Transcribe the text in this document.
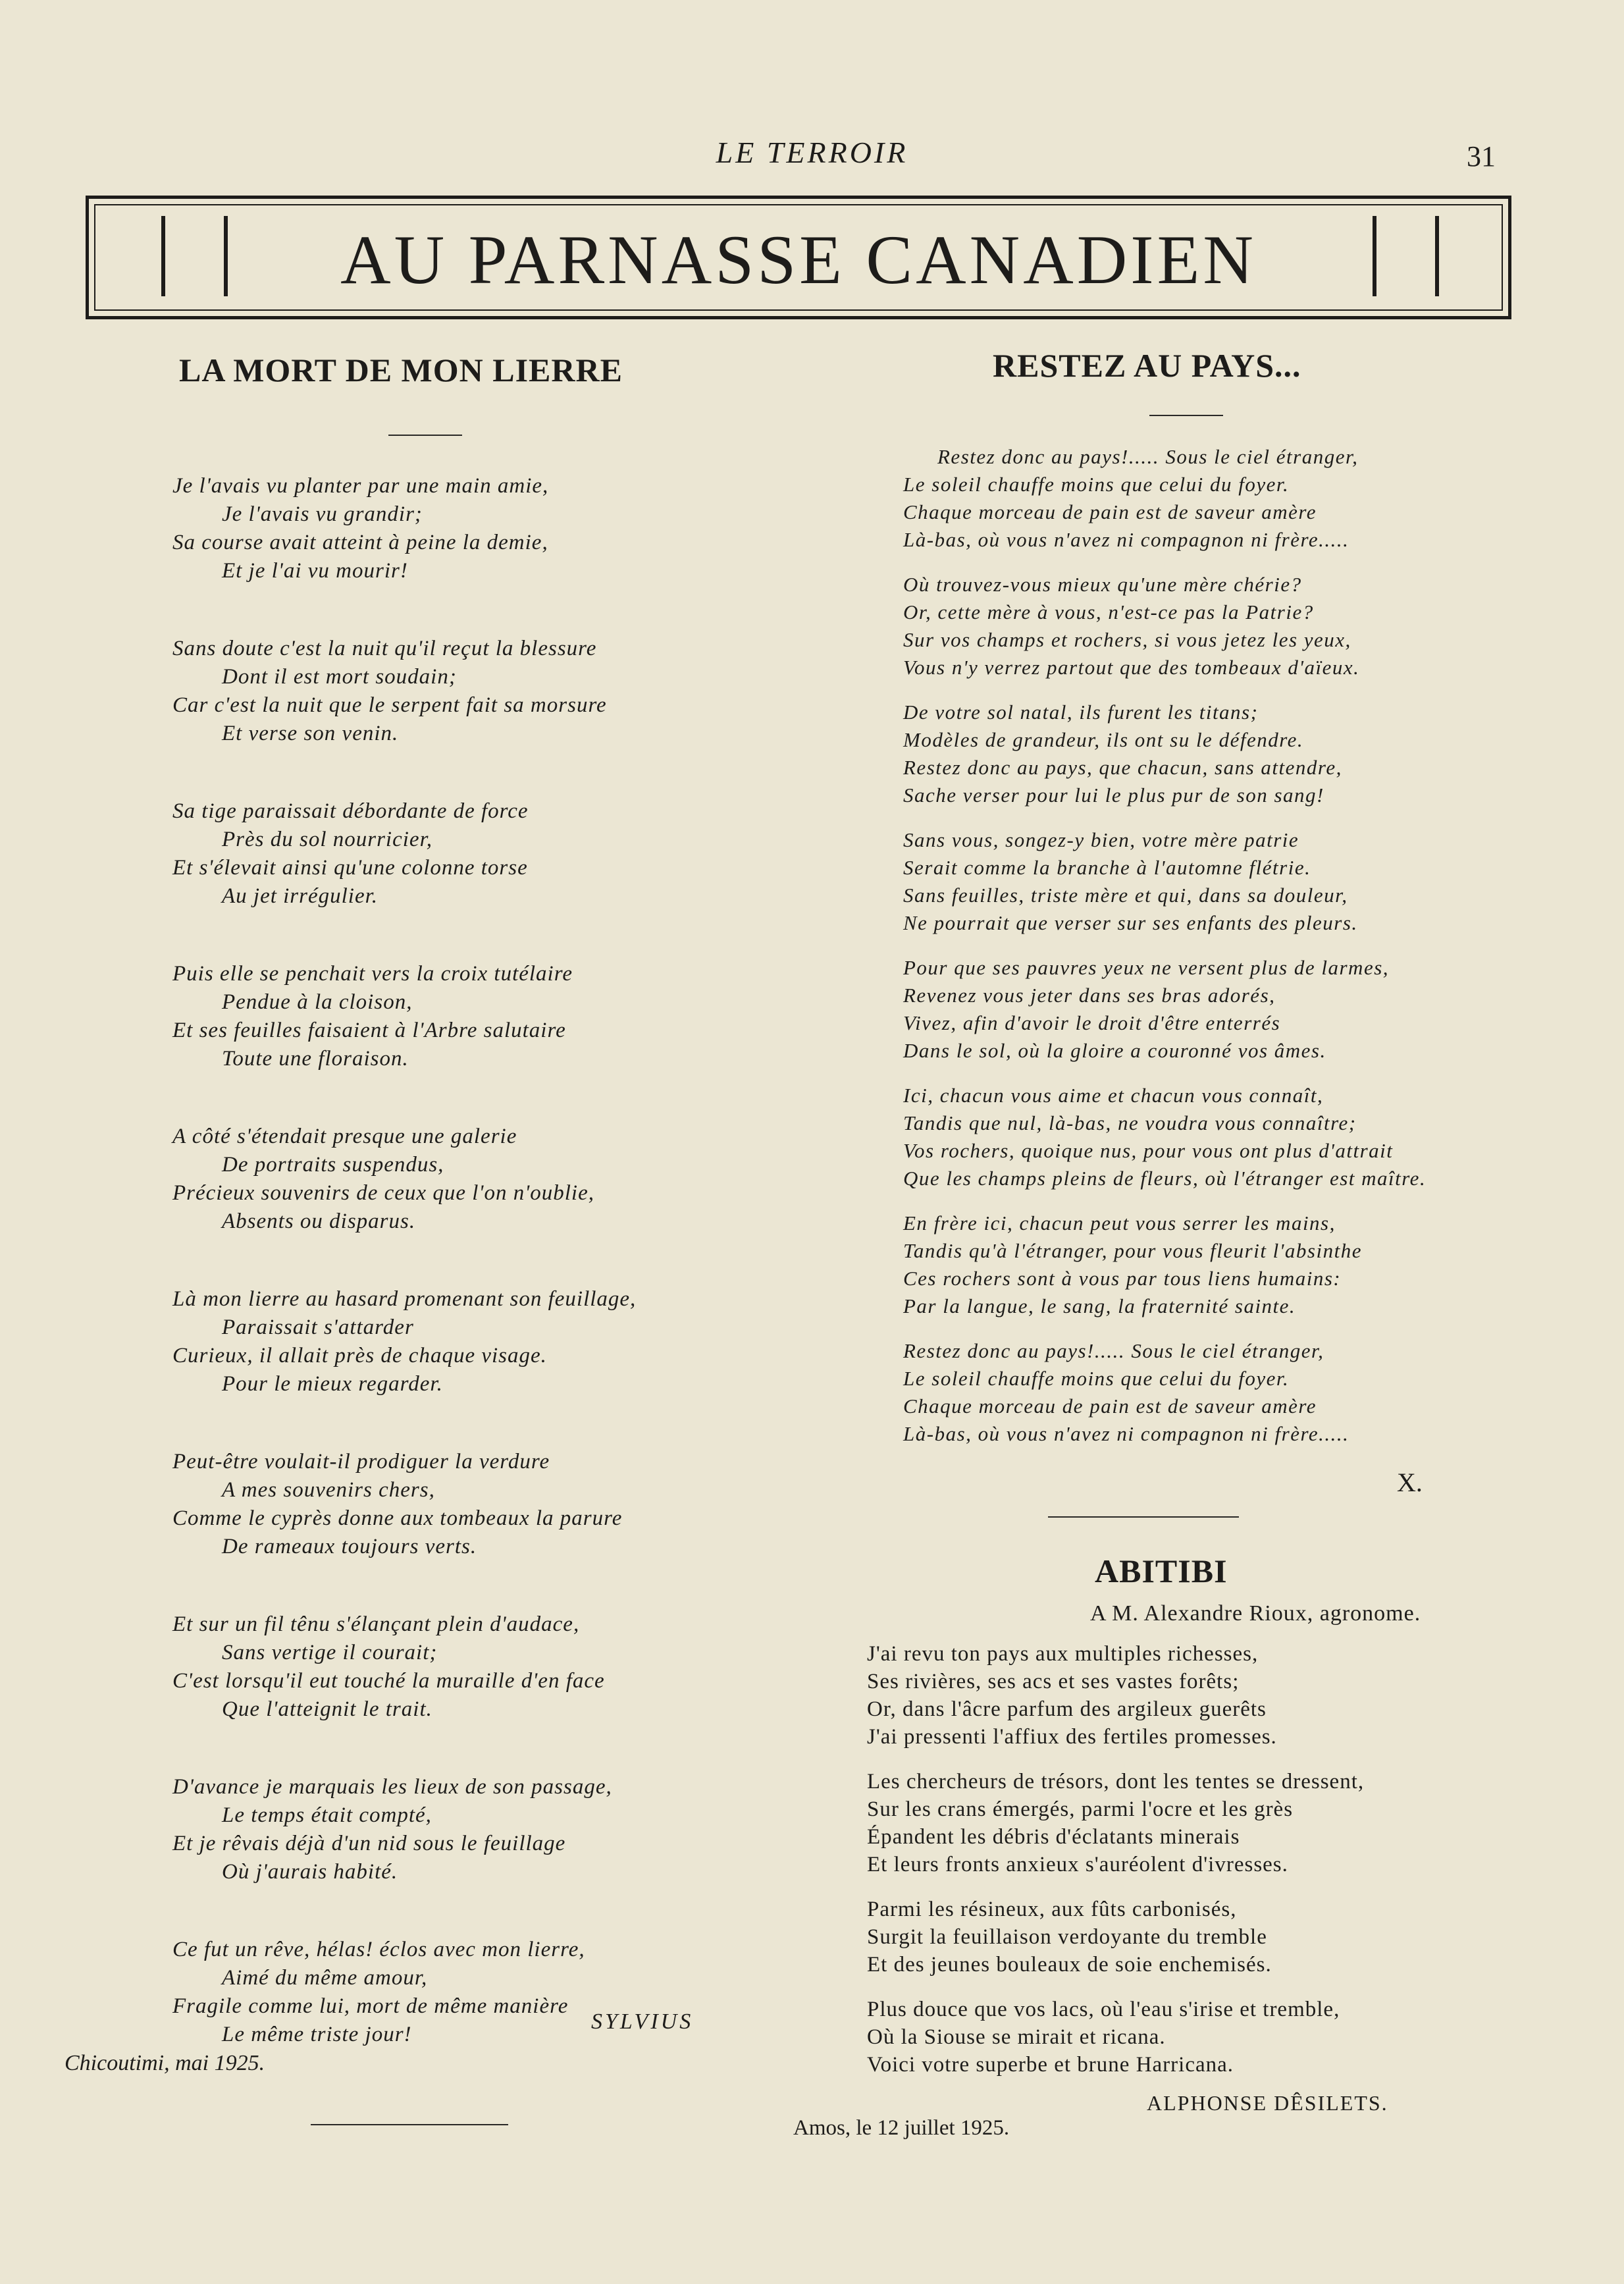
LE TERROIR	31
AU PARNASSE CANADIEN
LA MORT DE MON LIERRE
Je l'avais vu planter par une main amie,
Je l'avais vu grandir;
Sa course avait atteint à peine la demie,
Et je l'ai vu mourir!
Sans doute c'est la nuit qu'il reçut la blessure
Dont il est mort soudain;
Car c'est la nuit que le serpent fait sa morsure
Et verse son venin.
Sa tige paraissait débordante de force
Près du sol nourricier,
Et s'élevait ainsi qu'une colonne torse
Au jet irrégulier.
Puis elle se penchait vers la croix tutélaire
Pendue à la cloison,
Et ses feuilles faisaient à l'Arbre salutaire
Toute une floraison.
A côté s'étendait presque une galerie
De portraits suspendus,
Précieux souvenirs de ceux que l'on n'oublie,
Absents ou disparus.
Là mon lierre au hasard promenant son feuillage,
Paraissait s'attarder
Curieux, il allait près de chaque visage.
Pour le mieux regarder.
Peut-être voulait-il prodiguer la verdure
A mes souvenirs chers,
Comme le cyprès donne aux tombeaux la parure
De rameaux toujours verts.
Et sur un fil tênu s'élançant plein d'audace,
Sans vertige il courait;
C'est lorsqu'il eut touché la muraille d'en face
Que l'atteignit le trait.
D'avance je marquais les lieux de son passage,
Le temps était compté,
Et je rêvais déjà d'un nid sous le feuillage
Où j'aurais habité.
Ce fut un rêve, hélas! éclos avec mon lierre,
Aimé du même amour,
Fragile comme lui, mort de même manière
Le même triste jour!
SYLVIUS
Chicoutimi, mai 1925.
RESTEZ AU PAYS...
Restez donc au pays!..... Sous le ciel étranger,
Le soleil chauffe moins que celui du foyer.
Chaque morceau de pain est de saveur amère
Là-bas, où vous n'avez ni compagnon ni frère.....
Où trouvez-vous mieux qu'une mère chérie?
Or, cette mère à vous, n'est-ce pas la Patrie?
Sur vos champs et rochers, si vous jetez les yeux,
Vous n'y verrez partout que des tombeaux d'aïeux.
De votre sol natal, ils furent les titans;
Modèles de grandeur, ils ont su le défendre.
Restez donc au pays, que chacun, sans attendre,
Sache verser pour lui le plus pur de son sang!
Sans vous, songez-y bien, votre mère patrie
Serait comme la branche à l'automne flétrie.
Sans feuilles, triste mère et qui, dans sa douleur,
Ne pourrait que verser sur ses enfants des pleurs.
Pour que ses pauvres yeux ne versent plus de larmes,
Revenez vous jeter dans ses bras adorés,
Vivez, afin d'avoir le droit d'être enterrés
Dans le sol, où la gloire a couronné vos âmes.
Ici, chacun vous aime et chacun vous connaît,
Tandis que nul, là-bas, ne voudra vous connaître;
Vos rochers, quoique nus, pour vous ont plus d'attrait
Que les champs pleins de fleurs, où l'étranger est maître.
En frère ici, chacun peut vous serrer les mains,
Tandis qu'à l'étranger, pour vous fleurit l'absinthe
Ces rochers sont à vous par tous liens humains:
Par la langue, le sang, la fraternité sainte.
Restez donc au pays!..... Sous le ciel étranger,
Le soleil chauffe moins que celui du foyer.
Chaque morceau de pain est de saveur amère
Là-bas, où vous n'avez ni compagnon ni frère.....
X.
ABITIBI
A M. Alexandre Rioux, agronome.
J'ai revu ton pays aux multiples richesses,
Ses rivières, ses acs et ses vastes forêts;
Or, dans l'âcre parfum des argileux guerêts
J'ai pressenti l'affiux des fertiles promesses.
Les chercheurs de trésors, dont les tentes se dressent,
Sur les crans émergés, parmi l'ocre et les grès
Épandent les débris d'éclatants minerais
Et leurs fronts anxieux s'auréolent d'ivresses.
Parmi les résineux, aux fûts carbonisés,
Surgit la feuillaison verdoyante du tremble
Et des jeunes bouleaux de soie enchemisés.
Plus douce que vos lacs, où l'eau s'irise et tremble,
Où la Siouse se mirait et ricana.
Voici votre superbe et brune Harricana.
ALPHONSE DÊSILETS.
Amos, le 12 juillet 1925.
